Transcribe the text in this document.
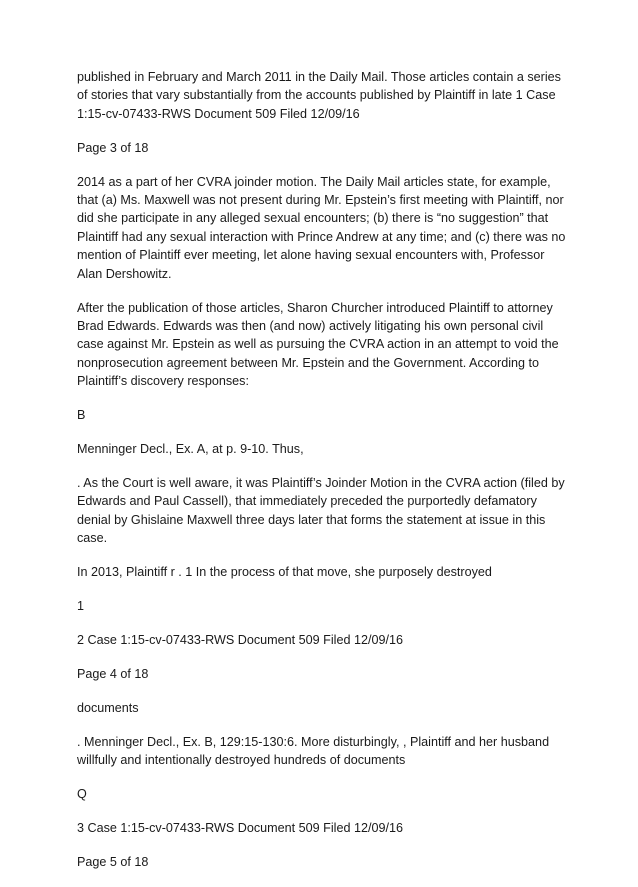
published in February and March 2011 in the Daily Mail. Those articles contain a series of stories that vary substantially from the accounts published by Plaintiff in late 1 Case 1:15-cv-07433-RWS Document 509 Filed 12/09/16

Page 3 of 18

2014 as a part of her CVRA joinder motion. The Daily Mail articles state, for example, that (a) Ms. Maxwell was not present during Mr. Epstein’s first meeting with Plaintiff, nor did she participate in any alleged sexual encounters; (b) there is “no suggestion” that Plaintiff had any sexual interaction with Prince Andrew at any time; and (c) there was no mention of Plaintiff ever meeting, let alone having sexual encounters with, Professor Alan Dershowitz.

After the publication of those articles, Sharon Churcher introduced Plaintiff to attorney Brad Edwards. Edwards was then (and now) actively litigating his own personal civil case against Mr. Epstein as well as pursuing the CVRA action in an attempt to void the nonprosecution agreement between Mr. Epstein and the Government. According to Plaintiff’s discovery responses:

B

Menninger Decl., Ex. A, at p. 9-10. Thus,

. As the Court is well aware, it was Plaintiff’s Joinder Motion in the CVRA action (filed by Edwards and Paul Cassell), that immediately preceded the purportedly defamatory denial by Ghislaine Maxwell three days later that forms the statement at issue in this case.

In 2013, Plaintiff r . 1 In the process of that move, she purposely destroyed

1

2 Case 1:15-cv-07433-RWS Document 509 Filed 12/09/16

Page 4 of 18

documents

. Menninger Decl., Ex. B, 129:15-130:6. More disturbingly, , Plaintiff and her husband willfully and intentionally destroyed hundreds of documents

Q

3 Case 1:15-cv-07433-RWS Document 509 Filed 12/09/16

Page 5 of 18
